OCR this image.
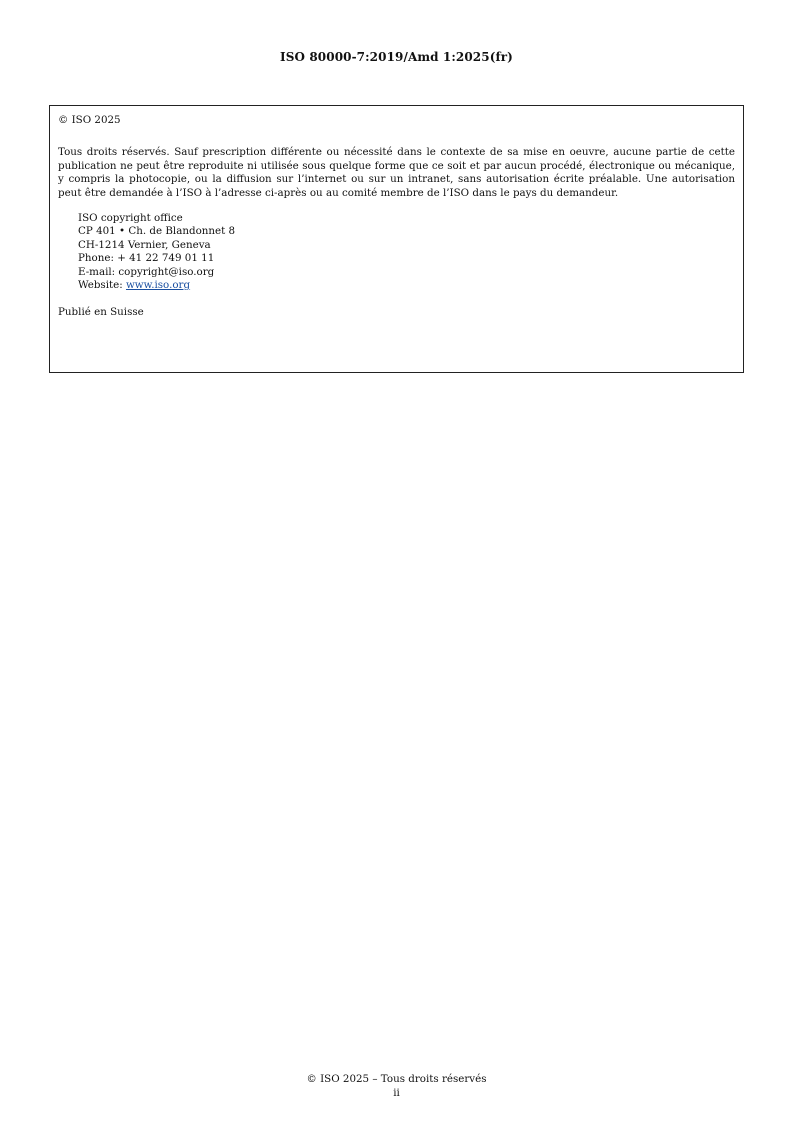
ISO 80000-7:2019/Amd 1:2025(fr)

© ISO 2025

Tous droits réservés. Sauf prescription différente ou nécessité dans le contexte de sa mise en oeuvre, aucune partie de cette publication ne peut être reproduite ni utilisée sous quelque forme que ce soit et par aucun procédé, électronique ou mécanique, y compris la photocopie, ou la diffusion sur l’internet ou sur un intranet, sans autorisation écrite préalable. Une autorisation peut être demandée à l’ISO à l’adresse ci-après ou au comité membre de l’ISO dans le pays du demandeur.

ISO copyright office
CP 401 • Ch. de Blandonnet 8
CH-1214 Vernier, Geneva
Phone: + 41 22 749 01 11
E-mail: copyright@iso.org
Website: www.iso.org

Publié en Suisse

© ISO 2025 – Tous droits réservés
ii
